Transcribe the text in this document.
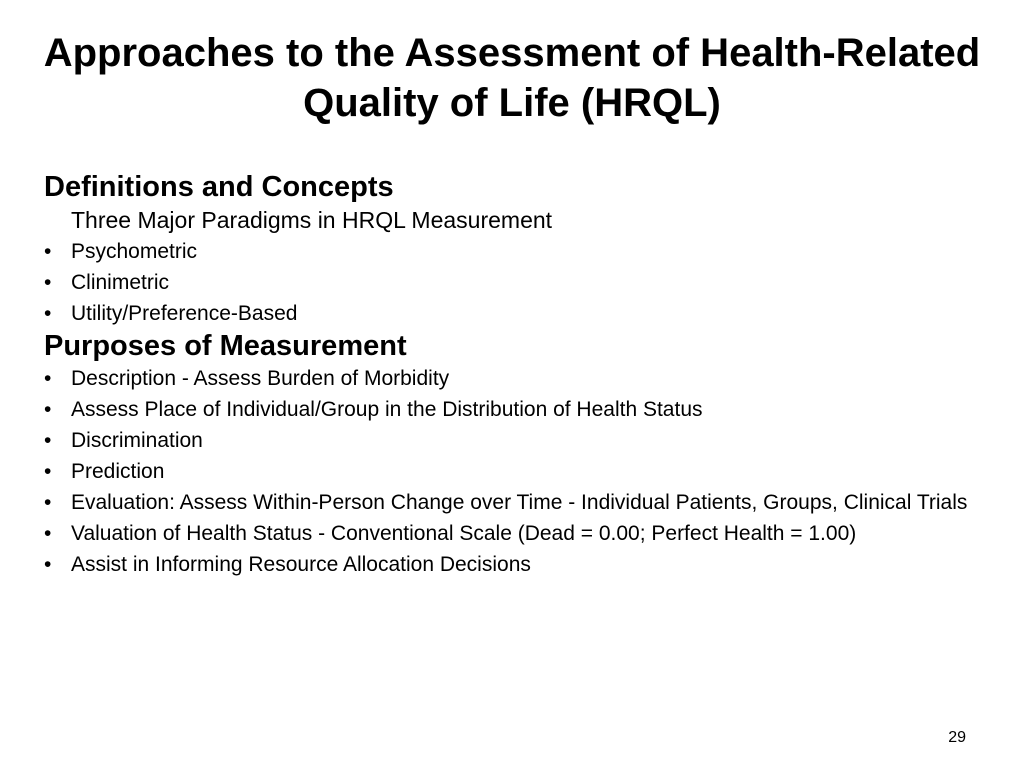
Approaches to the Assessment of Health-Related Quality of Life (HRQL)
Definitions and Concepts

Three Major Paradigms in HRQL Measurement

• Psychometric
• Clinimetric
• Utility/Preference-Based
Purposes of Measurement
• Description - Assess Burden of Morbidity
• Assess Place of Individual/Group in the Distribution of Health Status
• Discrimination
• Prediction
• Evaluation: Assess Within-Person Change over Time - Individual Patients, Groups, Clinical Trials
• Valuation of Health Status - Conventional Scale (Dead = 0.00; Perfect Health = 1.00)
• Assist in Informing Resource Allocation Decisions
29
